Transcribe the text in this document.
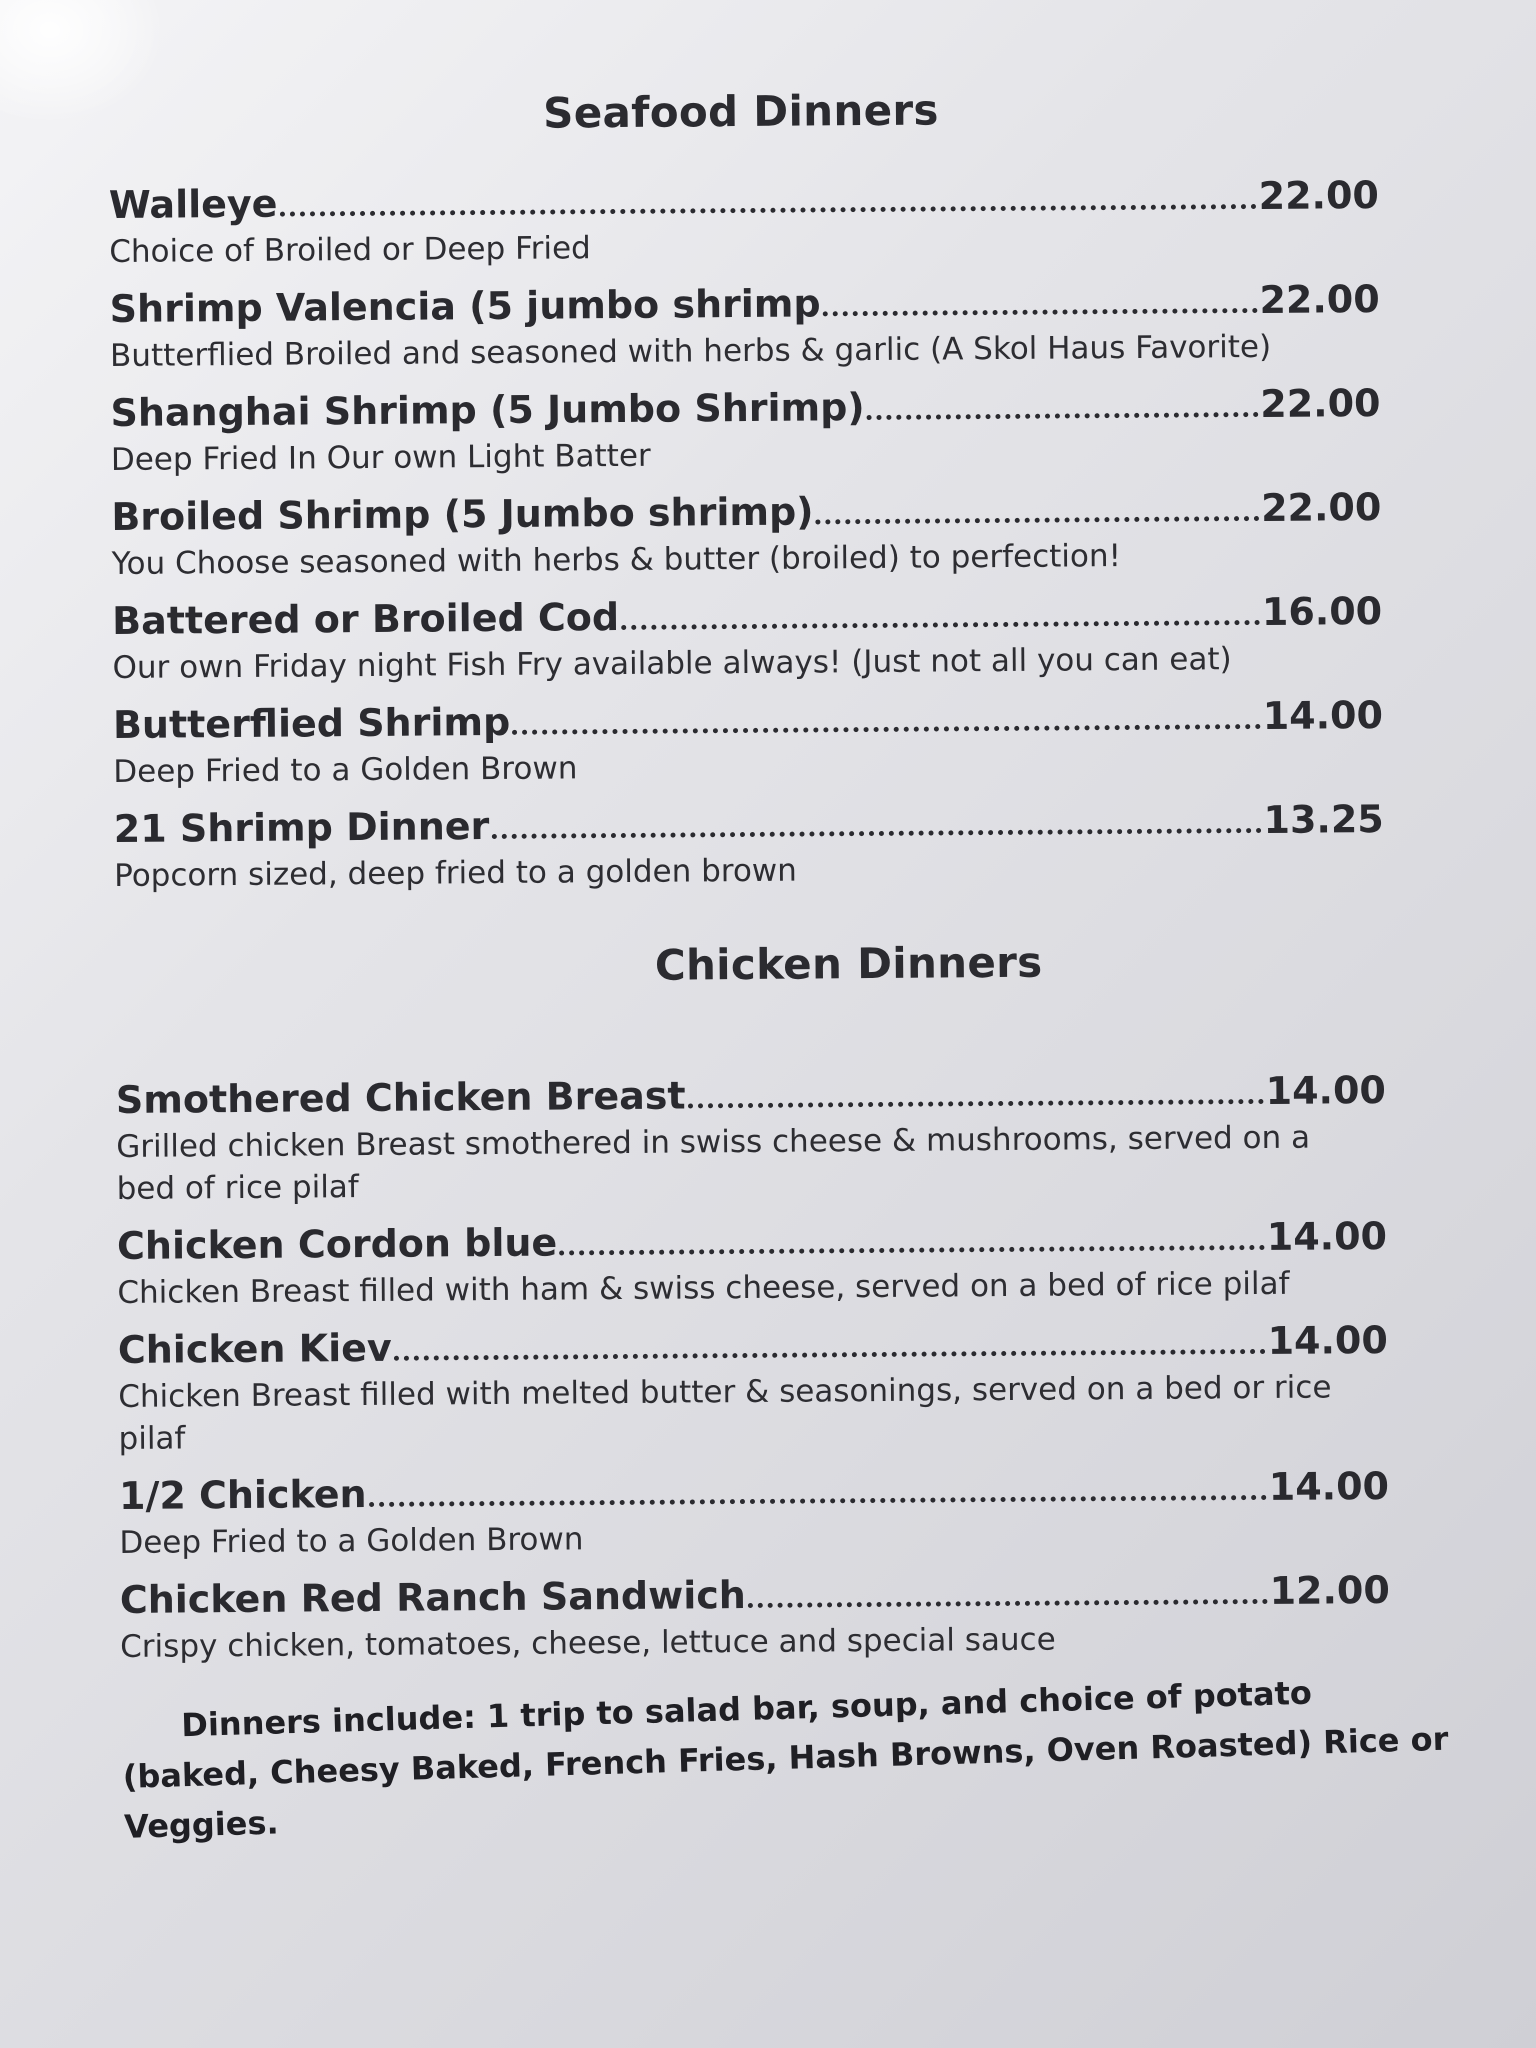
Seafood Dinners
Walleye	22.00
Choice of Broiled or Deep Fried
Shrimp Valencia (5 jumbo shrimp	22.00
Butterflied Broiled and seasoned with herbs & garlic (A Skol Haus Favorite)
Shanghai Shrimp (5 Jumbo Shrimp)	22.00
Deep Fried In Our own Light Batter
Broiled Shrimp (5 Jumbo shrimp)	22.00
You Choose seasoned with herbs & butter (broiled) to perfection!
Battered or Broiled Cod	16.00
Our own Friday night Fish Fry available always! (Just not all you can eat)
Butterflied Shrimp	14.00
Deep Fried to a Golden Brown
21 Shrimp Dinner	13.25
Popcorn sized, deep fried to a golden brown
Chicken Dinners
Smothered Chicken Breast	14.00
Grilled chicken Breast smothered in swiss cheese & mushrooms, served on a bed of rice pilaf
Chicken Cordon blue	14.00
Chicken Breast filled with ham & swiss cheese, served on a bed of rice pilaf
Chicken Kiev	14.00
Chicken Breast filled with melted butter & seasonings, served on a bed or rice pilaf
1/2 Chicken	14.00
Deep Fried to a Golden Brown
Chicken Red Ranch Sandwich	12.00
Crispy chicken, tomatoes, cheese, lettuce and special sauce
Dinners include: 1 trip to salad bar, soup, and choice of potato (baked, Cheesy Baked, French Fries, Hash Browns, Oven Roasted) Rice or Veggies.
